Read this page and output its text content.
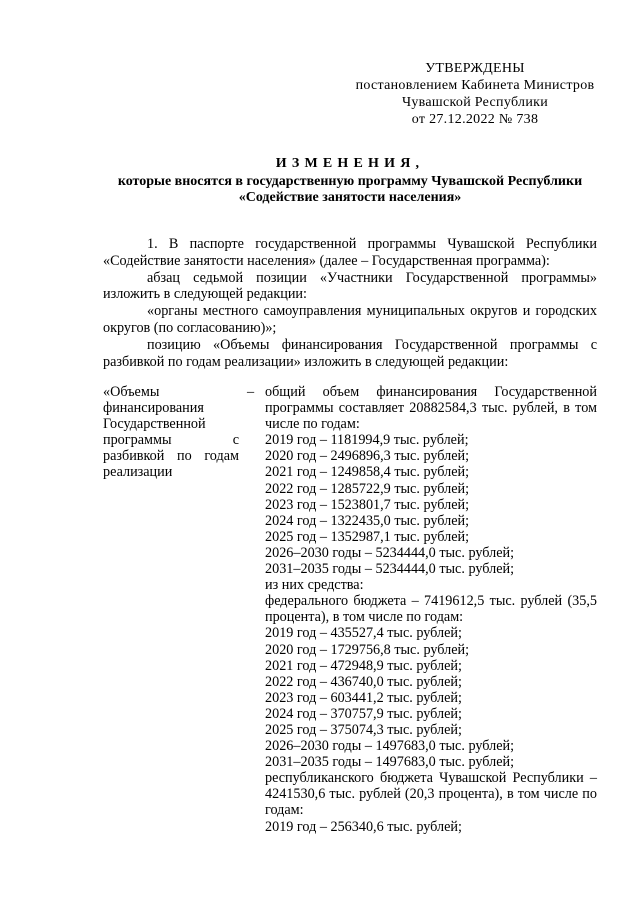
УТВЕРЖДЕНЫ
постановлением Кабинета Министров
Чувашской Республики
от 27.12.2022 № 738
ИЗМЕНЕНИЯ,
которые вносятся в государственную программу Чувашской Республики
«Содействие занятости населения»

1. В паспорте государственной программы Чувашской Республики «Содействие занятости населения» (далее – Государственная программа):

абзац седьмой позиции «Участники Государственной программы» изложить в следующей редакции:

«органы местного самоуправления муниципальных округов и городских округов (по согласованию)»;

позицию «Объемы финансирования Государственной программы с разбивкой по годам реализации» изложить в следующей редакции:

«Объемы финансирования Государственной программы с разбивкой по годам реализации
– общий объем финансирования Государственной программы составляет 20882584,3 тыс. рублей, в том числе по годам:
2019 год – 1181994,9 тыс. рублей;
2020 год – 2496896,3 тыс. рублей;
2021 год – 1249858,4 тыс. рублей;
2022 год – 1285722,9 тыс. рублей;
2023 год – 1523801,7 тыс. рублей;
2024 год – 1322435,0 тыс. рублей;
2025 год – 1352987,1 тыс. рублей;
2026–2030 годы – 5234444,0 тыс. рублей;
2031–2035 годы – 5234444,0 тыс. рублей;
из них средства:
федерального бюджета – 7419612,5 тыс. рублей (35,5 процента), в том числе по годам:
2019 год – 435527,4 тыс. рублей;
2020 год – 1729756,8 тыс. рублей;
2021 год – 472948,9 тыс. рублей;
2022 год – 436740,0 тыс. рублей;
2023 год – 603441,2 тыс. рублей;
2024 год – 370757,9 тыс. рублей;
2025 год – 375074,3 тыс. рублей;
2026–2030 годы – 1497683,0 тыс. рублей;
2031–2035 годы – 1497683,0 тыс. рублей;
республиканского бюджета Чувашской Республики – 4241530,6 тыс. рублей (20,3 процента), в том числе по годам:
2019 год – 256340,6 тыс. рублей;
